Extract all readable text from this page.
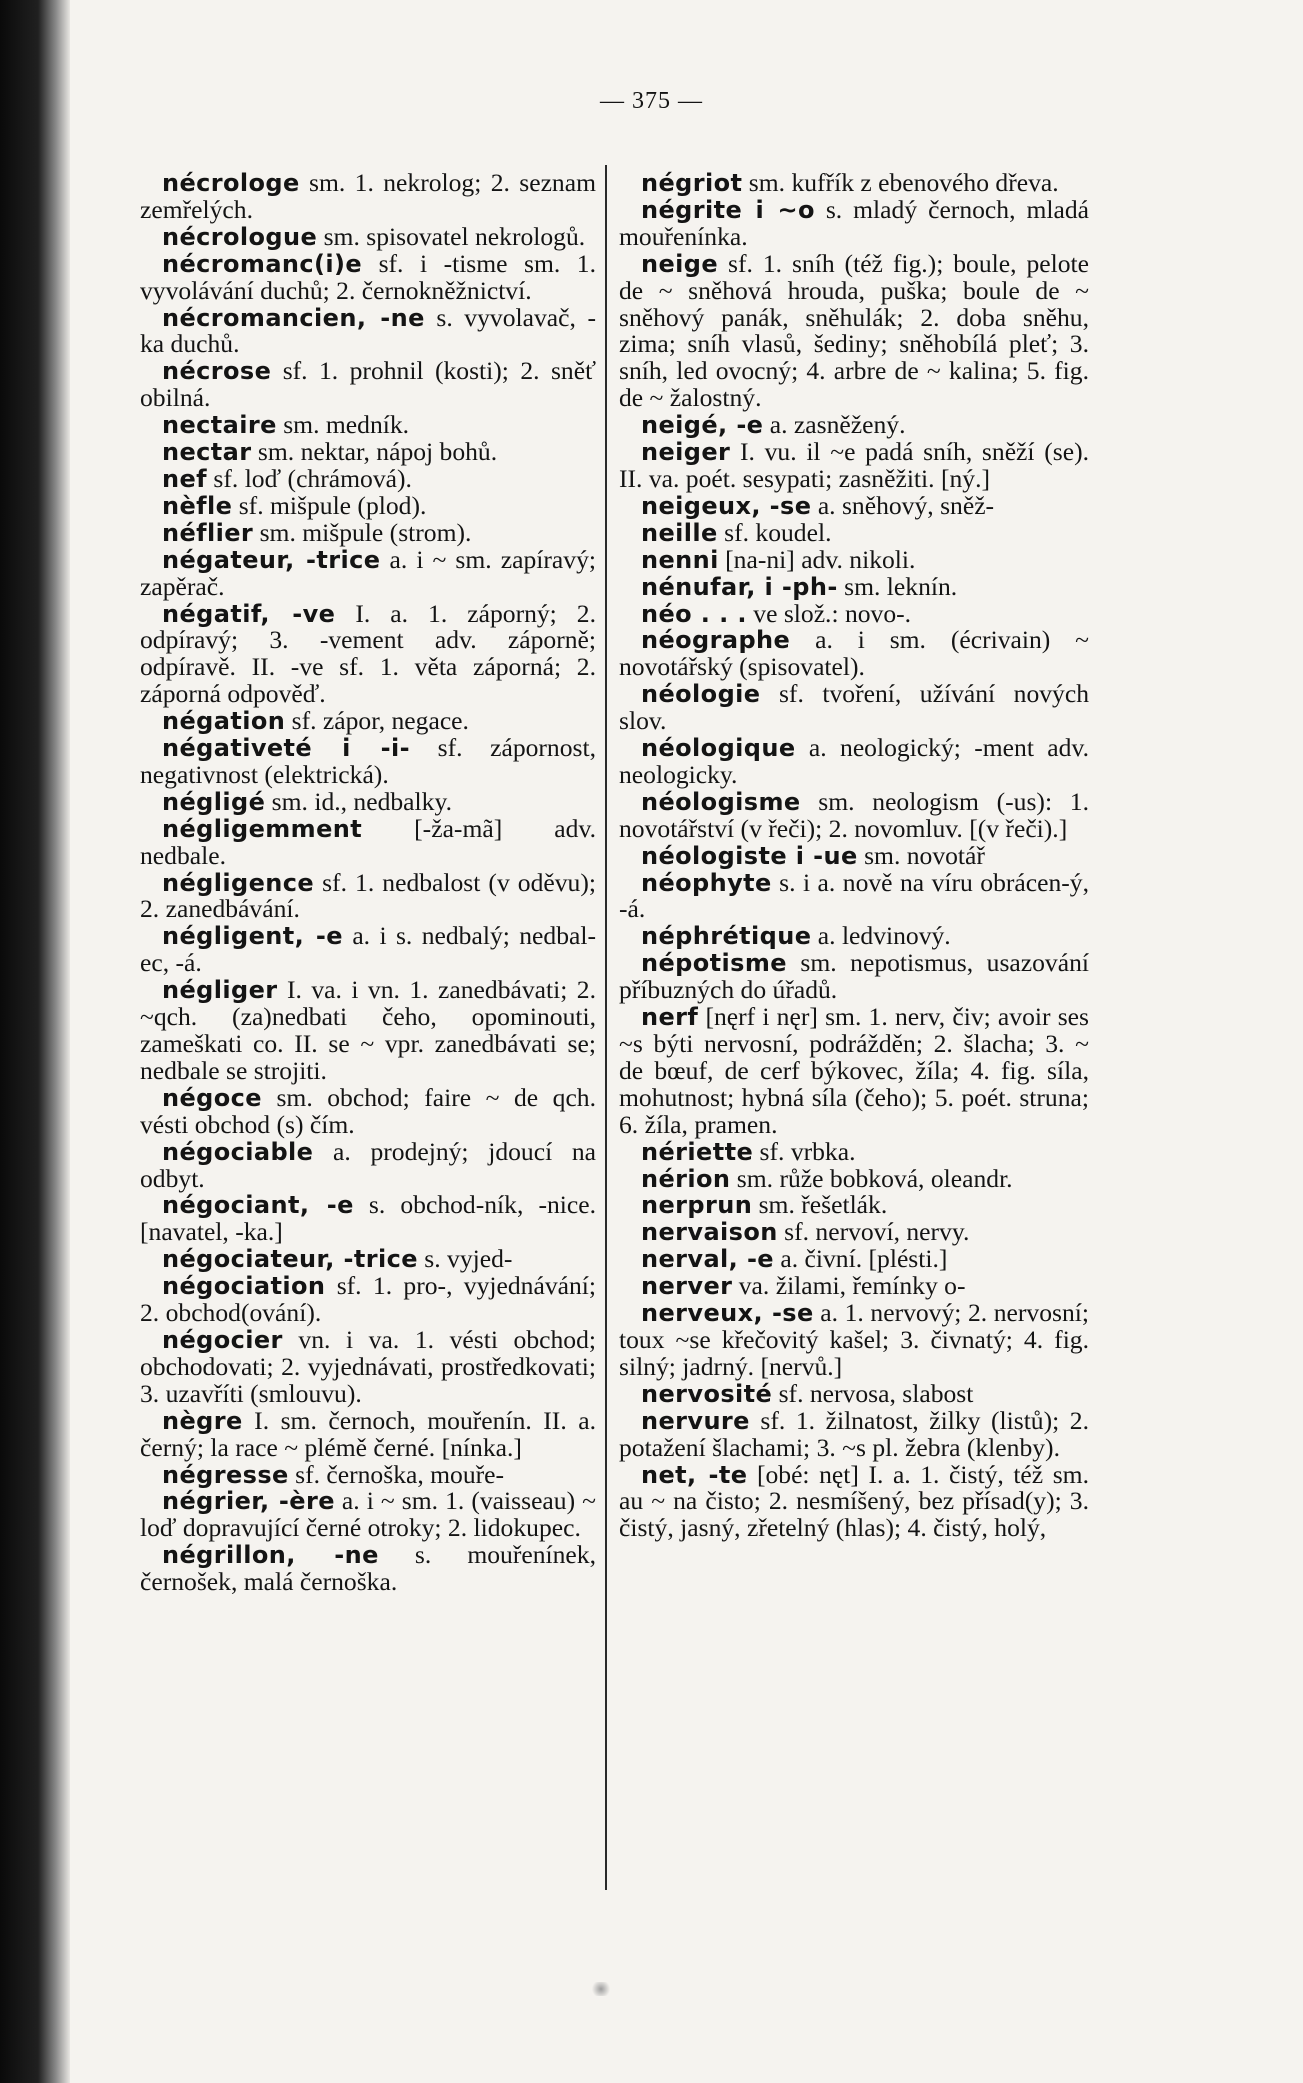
— 375 —

nécrologe sm. 1. nekrolog; 2. seznam zemřelých.

nécrologue sm. spisovatel nekrologů.

nécromanc(i)e sf. i -tisme sm. 1. vyvolávání duchů; 2. černokněžnictví.

nécromancien, -ne s. vyvolavač, -ka duchů.

nécrose sf. 1. prohnil (kosti); 2. sněť obilná.

nectaire sm. medník.

nectar sm. nektar, nápoj bohů.

nef sf. loď (chrámová).

nèfle sf. mišpule (plod).

néflier sm. mišpule (strom).

négateur, -trice a. i ~ sm. zapíravý; zapěrač.

négatif, -ve I. a. 1. záporný; 2. odpíravý; 3. -vement adv. záporně; odpíravě. II. -ve sf. 1. věta záporná; 2. záporná odpověď.

négation sf. zápor, negace.

négativeté i -i- sf. zápornost, negativnost (elektrická).

négligé sm. id., nedbalky.

négligemment [-ža-mã] adv. nedbale.

négligence sf. 1. nedbalost (v oděvu); 2. zanedbávání.

négligent, -e a. i s. nedbalý; nedbal-ec, -á.

négliger I. va. i vn. 1. zanedbávati; 2. ~qch. (za)nedbati čeho, opominouti, zameškati co. II. se ~ vpr. zanedbávati se; nedbale se strojiti.

négoce sm. obchod; faire ~ de qch. vésti obchod (s) čím.

négociable a. prodejný; jdoucí na odbyt.

négociant, -e s. obchod-ník, -nice. [navatel, -ka.]

négociateur, -trice s. vyjed-

négociation sf. 1. pro-, vyjednávání; 2. obchod(ování).

négocier vn. i va. 1. vésti obchod; obchodovati; 2. vyjednávati, prostředkovati; 3. uzavříti (smlouvu).

nègre I. sm. černoch, mouřenín. II. a. černý; la race ~ plémě černé. [nínka.]

négresse sf. černoška, mouře-

négrier, -ère a. i ~ sm. 1. (vaisseau) ~ loď dopravující černé otroky; 2. lidokupec.

négrillon, -ne s. mouřenínek, černošek, malá černoška.

négriot sm. kufřík z ebenového dřeva.

négrite i ~o s. mladý černoch, mladá mouřenínka.

neige sf. 1. sníh (též fig.); boule, pelote de ~ sněhová hrouda, puška; boule de ~ sněhový panák, sněhulák; 2. doba sněhu, zima; sníh vlasů, šediny; sněhobílá pleť; 3. sníh, led ovocný; 4. arbre de ~ kalina; 5. fig. de ~ žalostný.

neigé, -e a. zasněžený.

neiger I. vu. il ~e padá sníh, sněží (se). II. va. poét. sesypati; zasněžiti. [ný.]

neigeux, -se a. sněhový, sněž-

neille sf. koudel.

nenni [na-ni] adv. nikoli.

nénufar, i -ph- sm. leknín.

néo . . . ve slož.: novo-.

néographe a. i sm. (écrivain) ~ novotářský (spisovatel).

néologie sf. tvoření, užívání nových slov.

néologique a. neologický; -ment adv. neologicky.

néologisme sm. neologism (-us): 1. novotářství (v řeči); 2. novomluv. [(v řeči).]

néologiste i -ue sm. novotář

néophyte s. i a. nově na víru obrácen-ý, -á.

néphrétique a. ledvinový.

népotisme sm. nepotismus, usazování příbuzných do úřadů.

nerf [nęrf i nęr] sm. 1. nerv, čiv; avoir ses ~s býti nervosní, podrážděn; 2. šlacha; 3. ~ de bœuf, de cerf býkovec, žíla; 4. fig. síla, mohutnost; hybná síla (čeho); 5. poét. struna; 6. žíla, pramen.

nériette sf. vrbka.

nérion sm. růže bobková, oleandr.

nerprun sm. řešetlák.

nervaison sf. nervoví, nervy.

nerval, -e a. čivní. [plésti.]

nerver va. žilami, řemínky o-

nerveux, -se a. 1. nervový; 2. nervosní; toux ~se křečovitý kašel; 3. čivnatý; 4. fig. silný; jadrný. [nervů.]

nervosité sf. nervosa, slabost

nervure sf. 1. žilnatost, žilky (listů); 2. potažení šlachami; 3. ~s pl. žebra (klenby).

net, -te [obé: nęt] I. a. 1. čistý, též sm. au ~ na čisto; 2. nesmíšený, bez přísad(y); 3. čistý, jasný, zřetelný (hlas); 4. čistý, holý,
